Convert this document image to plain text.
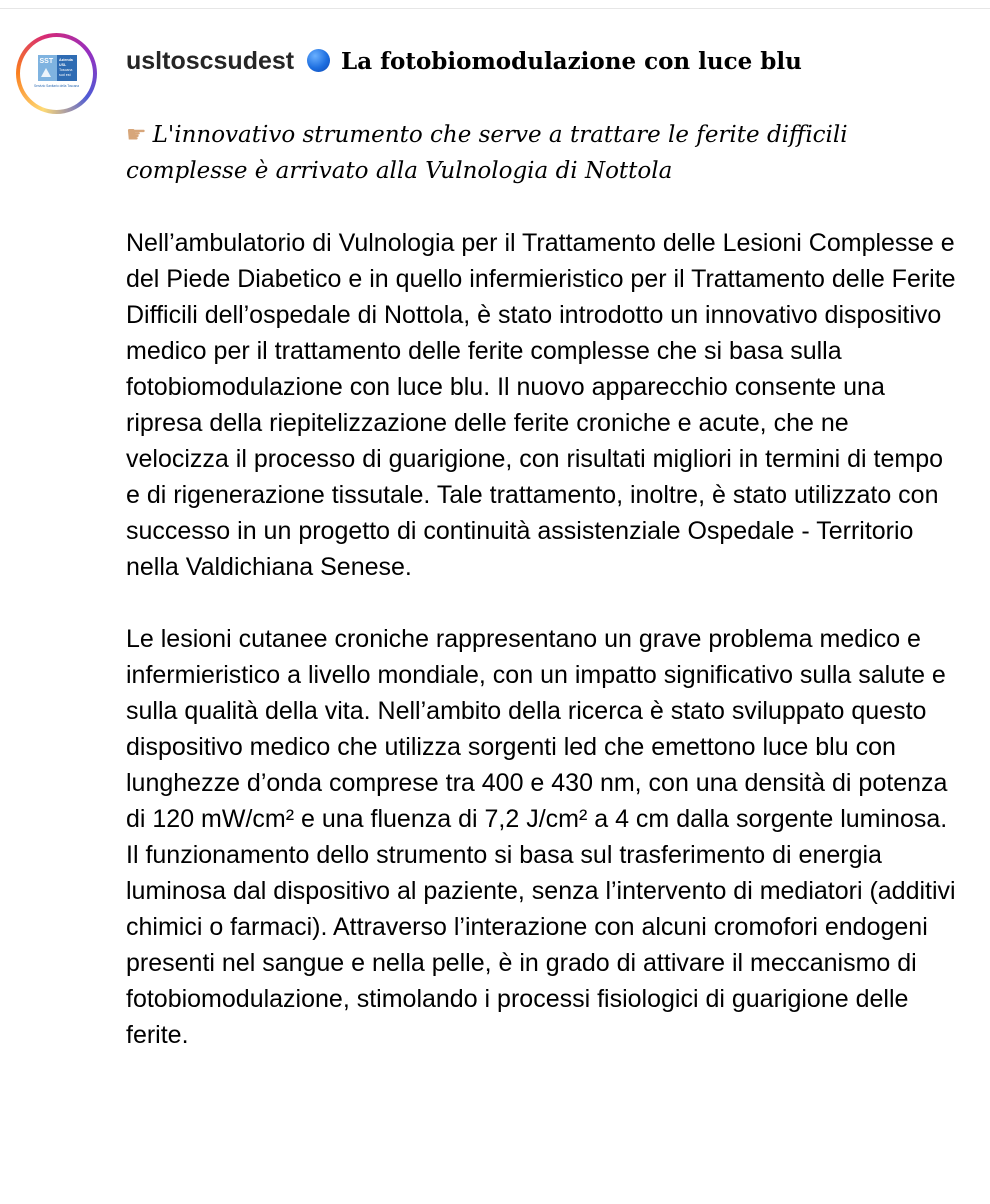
SST Azienda
USL
Toscana
sud est
Servizio Sanitario della Toscana
usltoscsudest La fotobiomodulazione con luce blu
☛ L'innovativo strumento che serve a trattare le ferite difficili complesse è arrivato alla Vulnologia di Nottola

Nell’ambulatorio di Vulnologia per il Trattamento delle Lesioni Complesse e del Piede Diabetico e in quello infermieristico per il Trattamento delle Ferite Difficili dell’ospedale di Nottola, è stato introdotto un innovativo dispositivo medico per il trattamento delle ferite complesse che si basa sulla fotobiomodulazione con luce blu. Il nuovo apparecchio consente una ripresa della riepitelizzazione delle ferite croniche e acute, che ne velocizza il processo di guarigione, con risultati migliori in termini di tempo e di rigenerazione tissutale. Tale trattamento, inoltre, è stato utilizzato con successo in un progetto di continuità assistenziale Ospedale - Territorio nella Valdichiana Senese.

Le lesioni cutanee croniche rappresentano un grave problema medico e infermieristico a livello mondiale, con un impatto significativo sulla salute e sulla qualità della vita. Nell’ambito della ricerca è stato sviluppato questo dispositivo medico che utilizza sorgenti led che emettono luce blu con lunghezze d’onda comprese tra 400 e 430 nm, con una densità di potenza di 120 mW/cm² e una fluenza di 7,2 J/cm² a 4 cm dalla sorgente luminosa. Il funzionamento dello strumento si basa sul trasferimento di energia luminosa dal dispositivo al paziente, senza l’intervento di mediatori (additivi chimici o farmaci). Attraverso l’interazione con alcuni cromofori endogeni presenti nel sangue e nella pelle, è in grado di attivare il meccanismo di fotobiomodulazione, stimolando i processi fisiologici di guarigione delle ferite.
